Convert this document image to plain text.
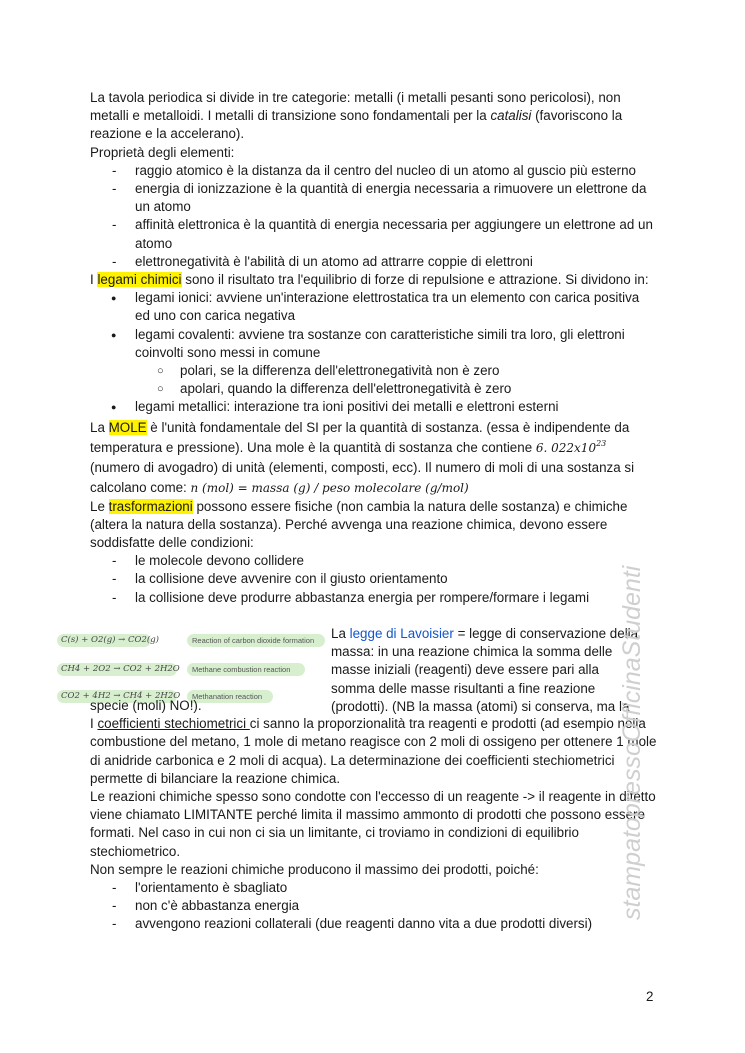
La tavola periodica si divide in tre categorie: metalli (i metalli pesanti sono pericolosi), non metalli e metalloidi. I metalli di transizione sono fondamentali per la catalisi (favoriscono la reazione e la accelerano).

Proprietà degli elementi:

- raggio atomico è la distanza da il centro del nucleo di un atomo al guscio più esterno
- energia di ionizzazione è la quantità di energia necessaria a rimuovere un elettrone da un atomo
- affinità elettronica è la quantità di energia necessaria per aggiungere un elettrone ad un atomo
- elettronegatività è l'abilità di un atomo ad attrarre coppie di elettroni

I legami chimici sono il risultato tra l'equilibrio di forze di repulsione e attrazione. Si dividono in:

● legami ionici: avviene un'interazione elettrostatica tra un elemento con carica positiva ed uno con carica negativa
● legami covalenti: avviene tra sostanze con caratteristiche simili tra loro, gli elettroni coinvolti sono messi in comune
○ polari, se la differenza dell'elettronegatività non è zero
○ apolari, quando la differenza dell'elettronegatività è zero
● legami metallici: interazione tra ioni positivi dei metalli e elettroni esterni

La MOLE è l'unità fondamentale del SI per la quantità di sostanza. (essa è indipendente da temperatura e pressione). Una mole è la quantità di sostanza che contiene 6. $022x10^{23}$ (numero di avogadro) di unità (elementi, composti, ecc). Il numero di moli di una sostanza si calcolano come: n (mol) = massa (g) / peso molecolare (g/mol)

Le trasformazioni possono essere fisiche (non cambia la natura delle sostanza) e chimiche (altera la natura della sostanza). Perché avvenga una reazione chimica, devono essere soddisfatte delle condizioni:

- le molecole devono collidere
- la collisione deve avvenire con il giusto orientamento
- la collisione deve produrre abbastanza energia per rompere/formare i legami
C(s) + O2(g) → CO2(g)	Reaction of carbon dioxide formation
CH4 + 2O2 → CO2 + 2H2O	Methane combustion reaction
CO2 + 4H2 → CH4 + 2H2O	Methanation reaction
La legge di Lavoisier = legge di conservazione della massa: in una reazione chimica la somma delle masse iniziali (reagenti) deve essere pari alla somma delle masse risultanti a fine reazione (prodotti). (NB la massa (atomi) si conserva, ma la

specie (moli) NO!).

I coefficienti stechiometrici ci sanno la proporzionalità tra reagenti e prodotti (ad esempio nella combustione del metano, 1 mole di metano reagisce con 2 moli di ossigeno per ottenere 1 mole di anidride carbonica e 2 moli di acqua). La determinazione dei coefficienti stechiometrici permette di bilanciare la reazione chimica.

Le reazioni chimiche spesso sono condotte con l'eccesso di un reagente -> il reagente in difetto viene chiamato LIMITANTE perché limita il massimo ammonto di prodotti che possono essere formati. Nel caso in cui non ci sia un limitante, ci troviamo in condizioni di equilibrio stechiometrico.

Non sempre le reazioni chimiche producono il massimo dei prodotti, poiché:

- l'orientamento è sbagliato
- non c'è abbastanza energia
- avvengono reazioni collaterali (due reagenti danno vita a due prodotti diversi)
stampatopressoOfficinaStudenti
2
